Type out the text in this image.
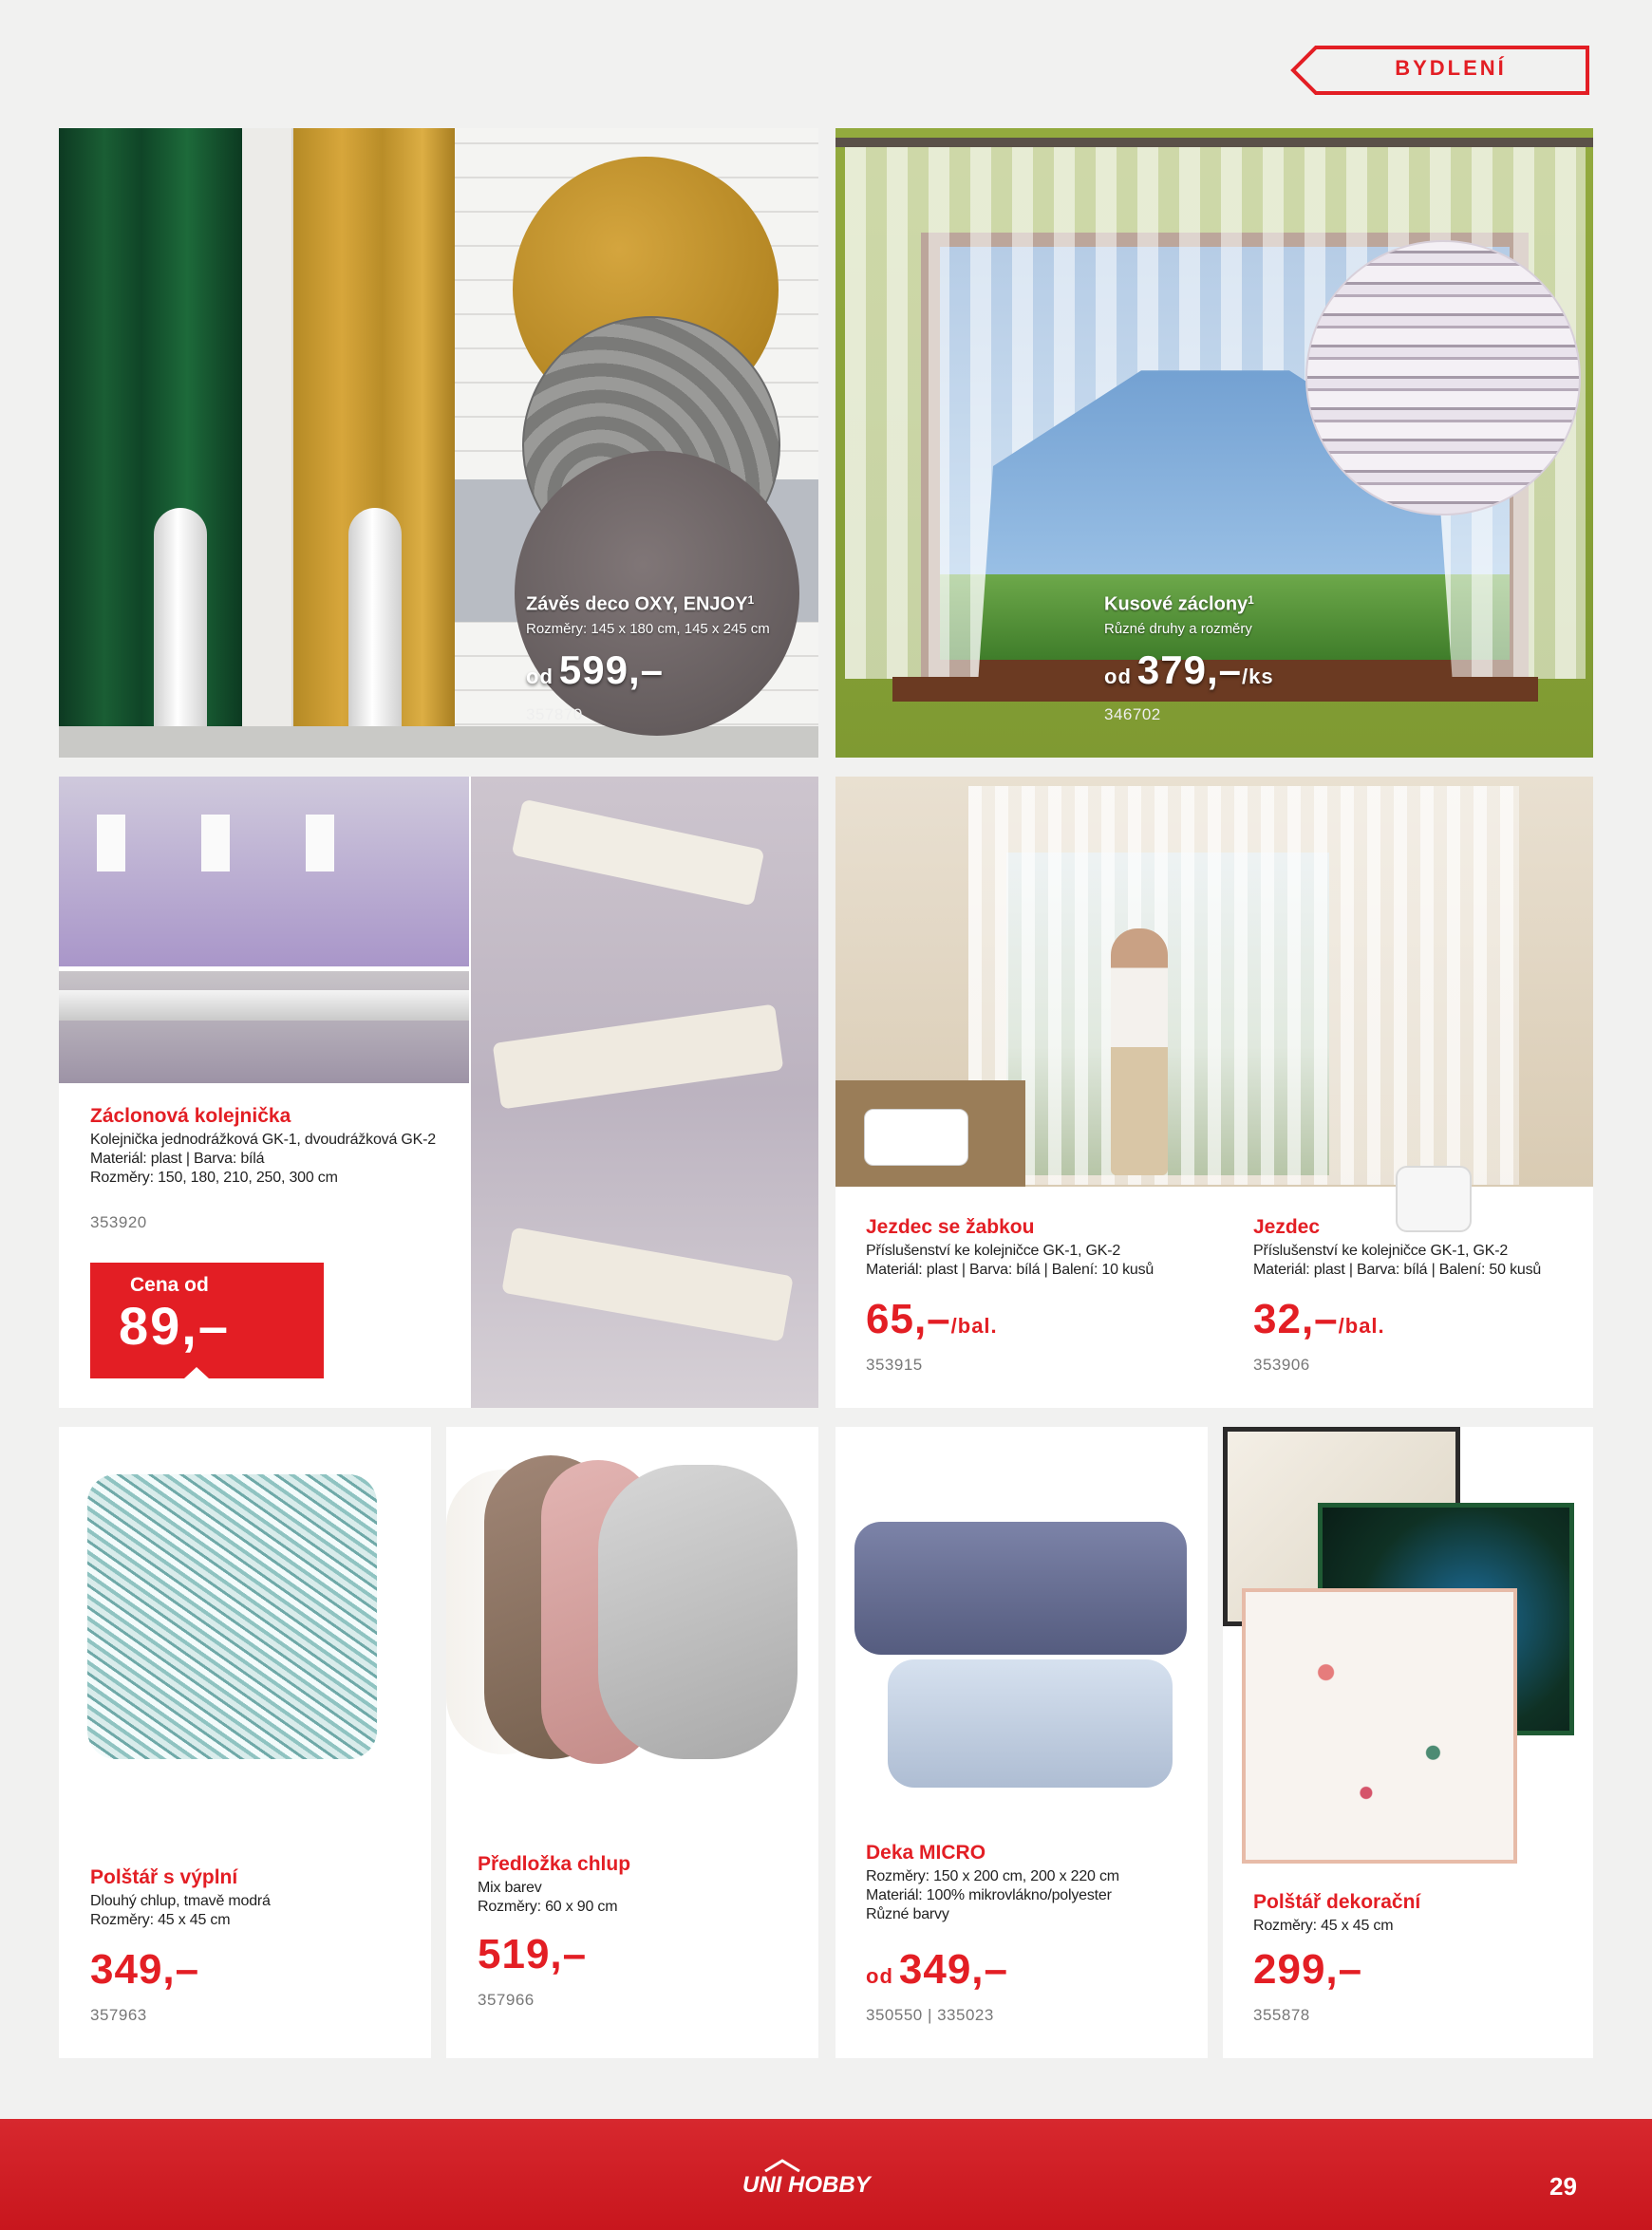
BYDLENÍ
Závěs deco OXY, ENJOY$^1$
Rozměry: 145 x 180 cm, 145 x 245 cm
od 599,–
357870
Kusové záclony$^1$
Různé druhy a rozměry
od 379,–/ks
346702
Záclonová kolejnička
Kolejnička jednodrážková GK-1, dvoudrážková GK-2
Materiál: plast | Barva: bílá
Rozměry: 150, 180, 210, 250, 300 cm
353920
Cena od
89,–
Jezdec se žabkou
Příslušenství ke kolejničce GK-1, GK-2
Materiál: plast | Barva: bílá | Balení: 10 kusů
65,–/bal.
353915
Jezdec
Příslušenství ke kolejničce GK-1, GK-2
Materiál: plast | Barva: bílá | Balení: 50 kusů
32,–/bal.
353906
Polštář s výplní
Dlouhý chlup, tmavě modrá
Rozměry: 45 x 45 cm
349,–
357963
Předložka chlup
Mix barev
Rozměry: 60 x 90 cm
519,–
357966
Deka MICRO
Rozměry: 150 x 200 cm, 200 x 220 cm
Materiál: 100% mikrovlákno/polyester
Různé barvy
od 349,–
350550 | 335023
Polštář dekorační
Rozměry: 45 x 45 cm
299,–
355878
UNI HOBBY	29
